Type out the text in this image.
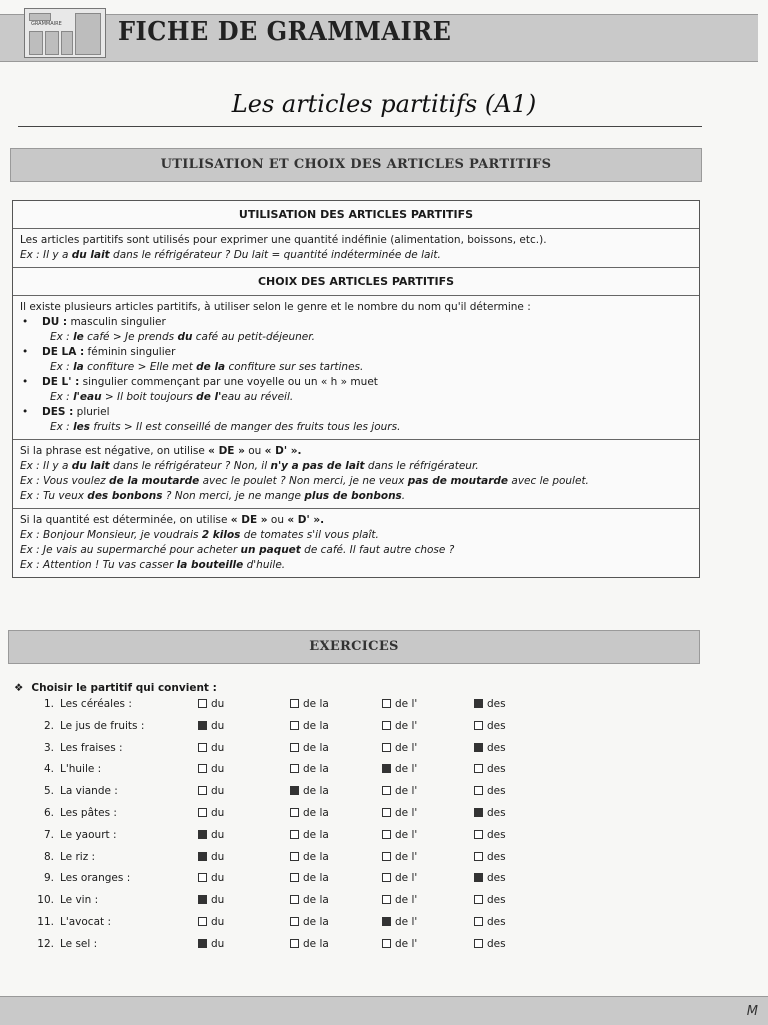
GRAMMAIRE FICHE DE GRAMMAIRE
Les articles partitifs (A1)
UTILISATION ET CHOIX DES ARTICLES PARTITIFS
UTILISATION DES ARTICLES PARTITIFS
Les articles partitifs sont utilisés pour exprimer une quantité indéfinie (alimentation, boissons, etc.).
Ex : Il y a du lait dans le réfrigérateur ? Du lait = quantité indéterminée de lait.
CHOIX DES ARTICLES PARTITIFS
Il existe plusieurs articles partitifs, à utiliser selon le genre et le nombre du nom qu'il détermine :
• DU : masculin singulier
Ex : le café > Je prends du café au petit-déjeuner.
• DE LA : féminin singulier
Ex : la confiture > Elle met de la confiture sur ses tartines.
• DE L' : singulier commençant par une voyelle ou un « h » muet
Ex : l'eau > Il boit toujours de l'eau au réveil.
• DES : pluriel
Ex : les fruits > Il est conseillé de manger des fruits tous les jours.
Si la phrase est négative, on utilise « DE » ou « D' ».
Ex : Il y a du lait dans le réfrigérateur ? Non, il n'y a pas de lait dans le réfrigérateur.
Ex : Vous voulez de la moutarde avec le poulet ? Non merci, je ne veux pas de moutarde avec le poulet.
Ex : Tu veux des bonbons ? Non merci, je ne mange plus de bonbons.
Si la quantité est déterminée, on utilise « DE » ou « D' ».
Ex : Bonjour Monsieur, je voudrais 2 kilos de tomates s'il vous plaît.
Ex : Je vais au supermarché pour acheter un paquet de café. Il faut autre chose ?
Ex : Attention ! Tu vas casser la bouteille d'huile.
EXERCICES
❖ Choisir le partitif qui convient :
1. Les céréales :	du	de la	de l'	des
2. Le jus de fruits :	du	de la	de l'	des
3. Les fraises :	du	de la	de l'	des
4. L'huile :	du	de la	de l'	des
5. La viande :	du	de la	de l'	des
6. Les pâtes :	du	de la	de l'	des
7. Le yaourt :	du	de la	de l'	des
8. Le riz :	du	de la	de l'	des
9. Les oranges :	du	de la	de l'	des
10. Le vin :	du	de la	de l'	des
11. L'avocat :	du	de la	de l'	des
12. Le sel :	du	de la	de l'	des
M
